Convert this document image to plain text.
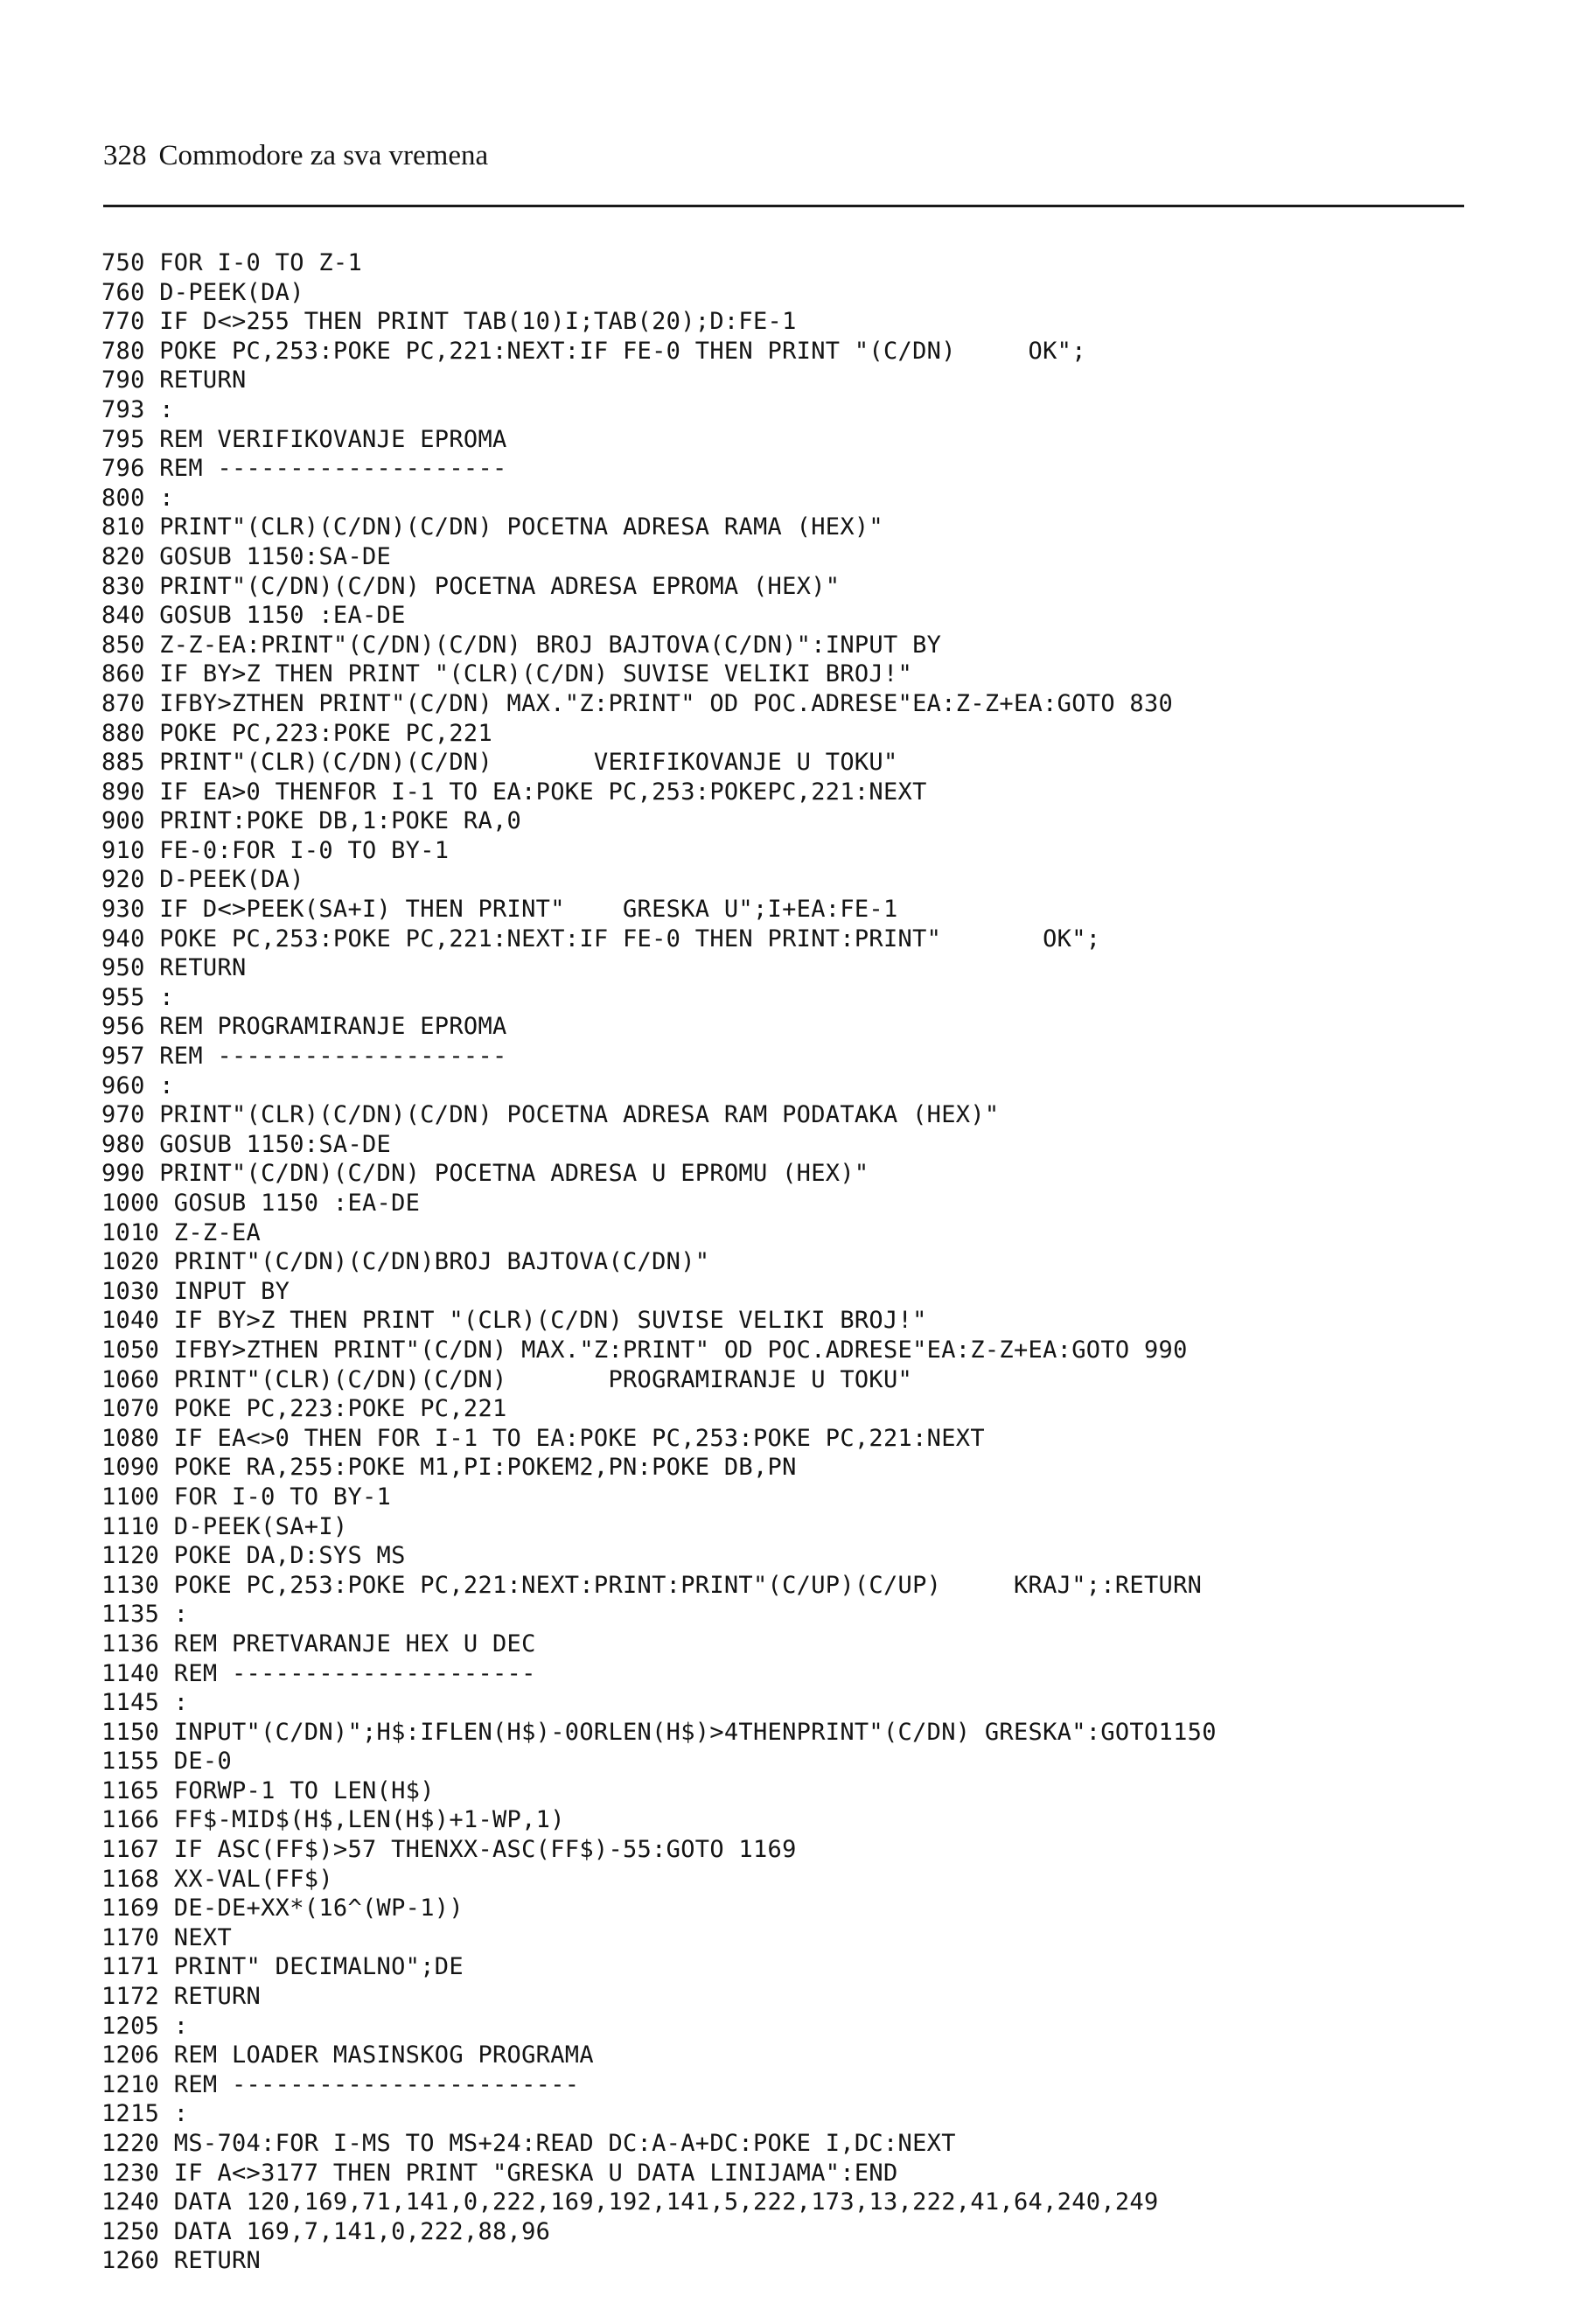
328 Commodore za sva vremena
750 FOR I-0 TO Z-1
760 D-PEEK(DA)
770 IF D<>255 THEN PRINT TAB(10)I;TAB(20);D:FE-1
780 POKE PC,253:POKE PC,221:NEXT:IF FE-0 THEN PRINT "(C/DN)     OK";
790 RETURN
793 :
795 REM VERIFIKOVANJE EPROMA
796 REM --------------------
800 :
810 PRINT"(CLR)(C/DN)(C/DN) POCETNA ADRESA RAMA (HEX)"
820 GOSUB 1150:SA-DE
830 PRINT"(C/DN)(C/DN) POCETNA ADRESA EPROMA (HEX)"
840 GOSUB 1150 :EA-DE
850 Z-Z-EA:PRINT"(C/DN)(C/DN) BROJ BAJTOVA(C/DN)":INPUT BY
860 IF BY>Z THEN PRINT "(CLR)(C/DN) SUVISE VELIKI BROJ!"
870 IFBY>ZTHEN PRINT"(C/DN) MAX."Z:PRINT" OD POC.ADRESE"EA:Z-Z+EA:GOTO 830
880 POKE PC,223:POKE PC,221
885 PRINT"(CLR)(C/DN)(C/DN)       VERIFIKOVANJE U TOKU"
890 IF EA>0 THENFOR I-1 TO EA:POKE PC,253:POKEPC,221:NEXT
900 PRINT:POKE DB,1:POKE RA,0
910 FE-0:FOR I-0 TO BY-1
920 D-PEEK(DA)
930 IF D<>PEEK(SA+I) THEN PRINT"    GRESKA U";I+EA:FE-1
940 POKE PC,253:POKE PC,221:NEXT:IF FE-0 THEN PRINT:PRINT"       OK";
950 RETURN
955 :
956 REM PROGRAMIRANJE EPROMA
957 REM --------------------
960 :
970 PRINT"(CLR)(C/DN)(C/DN) POCETNA ADRESA RAM PODATAKA (HEX)"
980 GOSUB 1150:SA-DE
990 PRINT"(C/DN)(C/DN) POCETNA ADRESA U EPROMU (HEX)"
1000 GOSUB 1150 :EA-DE
1010 Z-Z-EA
1020 PRINT"(C/DN)(C/DN)BROJ BAJTOVA(C/DN)"
1030 INPUT BY
1040 IF BY>Z THEN PRINT "(CLR)(C/DN) SUVISE VELIKI BROJ!"
1050 IFBY>ZTHEN PRINT"(C/DN) MAX."Z:PRINT" OD POC.ADRESE"EA:Z-Z+EA:GOTO 990
1060 PRINT"(CLR)(C/DN)(C/DN)       PROGRAMIRANJE U TOKU"
1070 POKE PC,223:POKE PC,221
1080 IF EA<>0 THEN FOR I-1 TO EA:POKE PC,253:POKE PC,221:NEXT
1090 POKE RA,255:POKE M1,PI:POKEM2,PN:POKE DB,PN
1100 FOR I-0 TO BY-1
1110 D-PEEK(SA+I)
1120 POKE DA,D:SYS MS
1130 POKE PC,253:POKE PC,221:NEXT:PRINT:PRINT"(C/UP)(C/UP)     KRAJ";:RETURN
1135 :
1136 REM PRETVARANJE HEX U DEC
1140 REM ---------------------
1145 :
1150 INPUT"(C/DN)";H$:IFLEN(H$)-0ORLEN(H$)>4THENPRINT"(C/DN) GRESKA":GOTO1150
1155 DE-0
1165 FORWP-1 TO LEN(H$)
1166 FF$-MID$(H$,LEN(H$)+1-WP,1)
1167 IF ASC(FF$)>57 THENXX-ASC(FF$)-55:GOTO 1169
1168 XX-VAL(FF$)
1169 DE-DE+XX*(16^(WP-1))
1170 NEXT
1171 PRINT" DECIMALNO";DE
1172 RETURN
1205 :
1206 REM LOADER MASINSKOG PROGRAMA
1210 REM ------------------------
1215 :
1220 MS-704:FOR I-MS TO MS+24:READ DC:A-A+DC:POKE I,DC:NEXT
1230 IF A<>3177 THEN PRINT "GRESKA U DATA LINIJAMA":END
1240 DATA 120,169,71,141,0,222,169,192,141,5,222,173,13,222,41,64,240,249
1250 DATA 169,7,141,0,222,88,96
1260 RETURN
